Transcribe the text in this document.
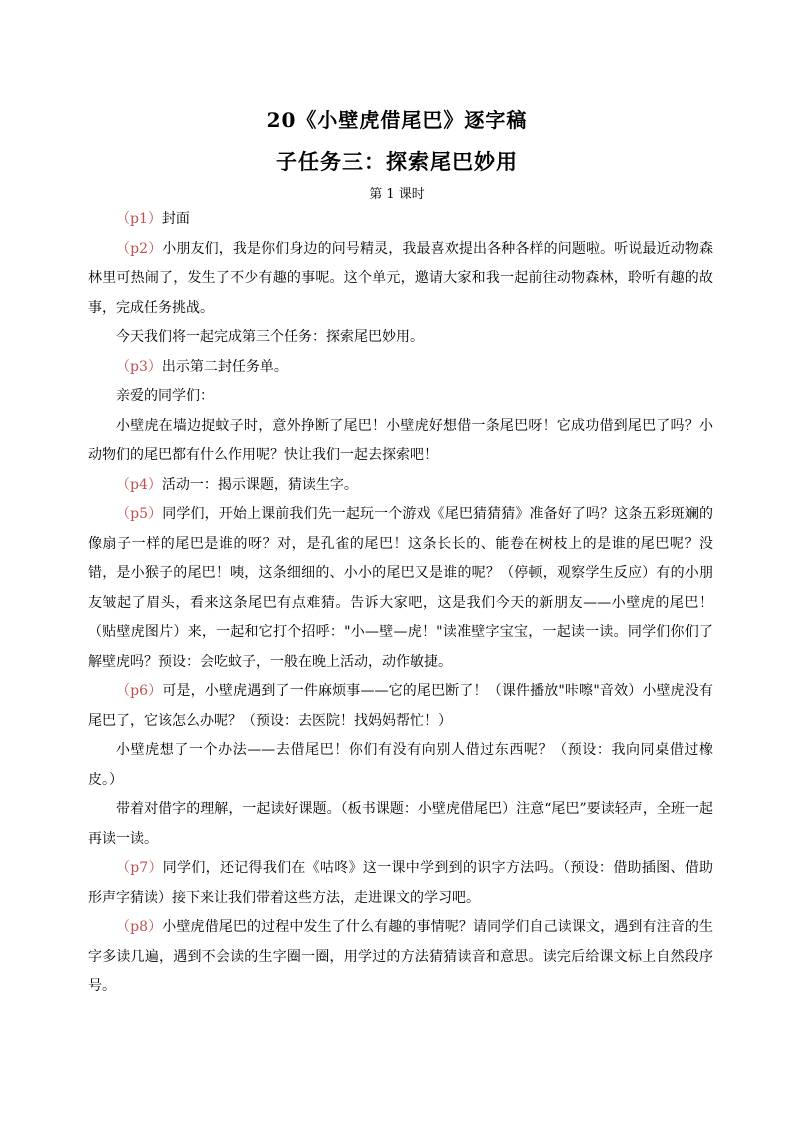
20《小壁虎借尾巴》逐字稿
子任务三：探索尾巴妙用
第 1 课时

（p1）封面

（p2）小朋友们，我是你们身边的问号精灵，我最喜欢提出各种各样的问题啦。听说最近动物森林里可热闹了，发生了不少有趣的事呢。这个单元，邀请大家和我一起前往动物森林，聆听有趣的故事，完成任务挑战。

今天我们将一起完成第三个任务：探索尾巴妙用。

（p3）出示第二封任务单。

亲爱的同学们：

小壁虎在墙边捉蚊子时，意外挣断了尾巴！小壁虎好想借一条尾巴呀！它成功借到尾巴了吗？小动物们的尾巴都有什么作用呢？快让我们一起去探索吧！

（p4）活动一：揭示课题，猜读生字。

（p5）同学们，开始上课前我们先一起玩一个游戏《尾巴猜猜猜》准备好了吗？这条五彩斑斓的像扇子一样的尾巴是谁的呀？对，是孔雀的尾巴！这条长长的、能卷在树枝上的是谁的尾巴呢？没错，是小猴子的尾巴！咦，这条细细的、小小的尾巴又是谁的呢？（停顿，观察学生反应）有的小朋友皱起了眉头，看来这条尾巴有点难猜。告诉大家吧，这是我们今天的新朋友——小壁虎的尾巴！（贴壁虎图片）来，一起和它打个招呼："小—壁—虎！"读准壁字宝宝，一起读一读。同学们你们了解壁虎吗？预设：会吃蚊子，一般在晚上活动，动作敏捷。

（p6）可是，小壁虎遇到了一件麻烦事——它的尾巴断了！（课件播放"咔嚓"音效）小壁虎没有尾巴了，它该怎么办呢？（预设：去医院！找妈妈帮忙！）

小壁虎想了一个办法——去借尾巴！你们有没有向别人借过东西呢？（预设：我向同桌借过橡皮。）

带着对借字的理解，一起读好课题。（板书课题：小壁虎借尾巴）注意“尾巴”要读轻声，全班一起再读一读。

（p7）同学们，还记得我们在《咕咚》这一课中学到到的识字方法吗。（预设：借助插图、借助形声字猜读）接下来让我们带着这些方法，走进课文的学习吧。

（p8）小壁虎借尾巴的过程中发生了什么有趣的事情呢？请同学们自己读课文，遇到有注音的生字多读几遍，遇到不会读的生字圈一圈，用学过的方法猜猜读音和意思。读完后给课文标上自然段序号。
